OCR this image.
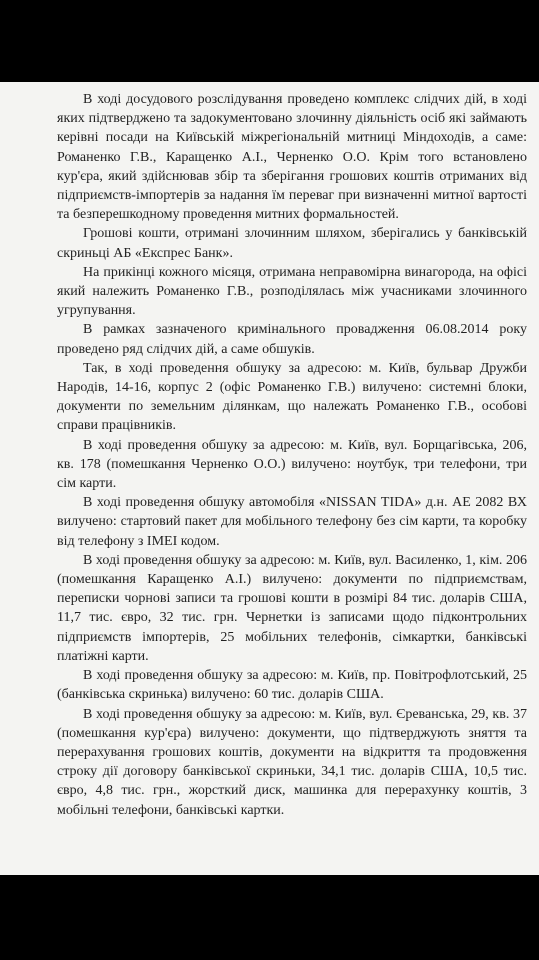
В ході досудового розслідування проведено комплекс слідчих дій, в ході яких підтверджено та задокументовано злочинну діяльність осіб які займають керівні посади на Київській міжрегіональній митниці Міндоходів, а саме: Романенко Г.В., Каращенко А.І., Черненко О.О. Крім того встановлено кур'єра, який здійснював збір та зберігання грошових коштів отриманих від підприємств-імпортерів за надання їм переваг при визначенні митної вартості та безперешкодному проведення митних формальностей.

Грошові кошти, отримані злочинним шляхом, зберігались у банківській скриньці АБ «Експрес Банк».

На прикінці кожного місяця, отримана неправомірна винагорода, на офісі який належить Романенко Г.В., розподілялась між учасниками злочинного угрупування.

В рамках зазначеного кримінального провадження 06.08.2014 року проведено ряд слідчих дій, а саме обшуків.

Так, в ході проведення обшуку за адресою: м. Київ, бульвар Дружби Народів, 14-16, корпус 2 (офіс Романенко Г.В.) вилучено: системні блоки, документи по земельним ділянкам, що належать Романенко Г.В., особові справи працівників.

В ході проведення обшуку за адресою: м. Київ, вул. Борщагівська, 206, кв. 178 (помешкання Черненко О.О.) вилучено: ноутбук, три телефони, три сім карти.

В ході проведення обшуку автомобіля «NISSAN TIDA» д.н. АЕ 2082 ВХ вилучено: стартовий пакет для мобільного телефону без сім карти, та коробку від телефону з IMEI кодом.

В ході проведення обшуку за адресою: м. Київ, вул. Василенко, 1, кім. 206 (помешкання Каращенко А.І.) вилучено: документи по підприємствам, переписки чорнові записи та грошові кошти в розмірі 84 тис. доларів США, 11,7 тис. євро, 32 тис. грн. Чернетки із записами щодо підконтрольних підприємств імпортерів, 25 мобільних телефонів, сімкартки, банківські платіжні карти.

В ході проведення обшуку за адресою: м. Київ, пр. Повітрофлотський, 25 (банківська скринька) вилучено: 60 тис. доларів США.

В ході проведення обшуку за адресою: м. Київ, вул. Єреванська, 29, кв. 37 (помешкання кур'єра) вилучено: документи, що підтверджують зняття та перерахування грошових коштів, документи на відкриття та продовження строку дії договору банківської скриньки, 34,1 тис. доларів США, 10,5 тис. євро, 4,8 тис. грн., жорсткий диск, машинка для перерахунку коштів, 3 мобільні телефони, банківські картки.
